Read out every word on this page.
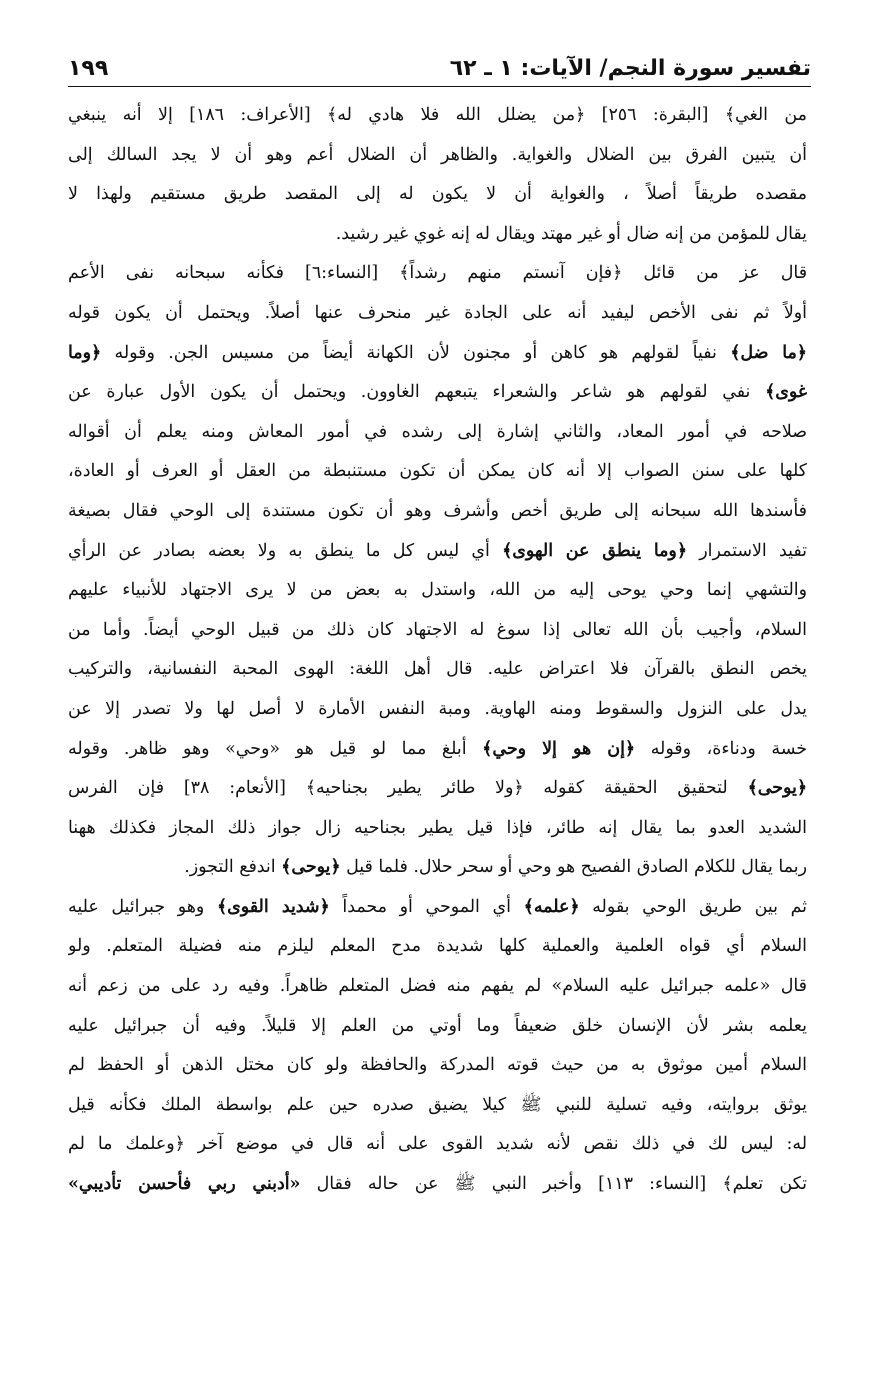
تفسير سورة النجم/ الآيات: ١ ـ ٦٢
١٩٩
من الغي﴾ [البقرة: ٢٥٦] ﴿من يضلل الله فلا هادي له﴾ [الأعراف: ١٨٦] إلا أنه ينبغي
أن يتبين الفرق بين الضلال والغواية. والظاهر أن الضلال أعم وهو أن لا يجد السالك إلى
مقصده طريقاً أصلاً ، والغواية أن لا يكون له إلى المقصد طريق مستقيم ولهذا لا
يقال للمؤمن من إنه ضال أو غير مهتد ويقال له إنه غوي غير رشيد.
قال عز من قائل ﴿فإن آنستم منهم رشداً﴾ [النساء:٦] فكأنه سبحانه نفى الأعم
أولاً ثم نفى الأخص ليفيد أنه على الجادة غير منحرف عنها أصلاً. ويحتمل أن يكون قوله
﴿ما ضل﴾ نفياً لقولهم هو كاهن أو مجنون لأن الكهانة أيضاً من مسيس الجن. وقوله ﴿وما
غوى﴾ نفي لقولهم هو شاعر والشعراء يتبعهم الغاوون. ويحتمل أن يكون الأول عبارة عن
صلاحه في أمور المعاد، والثاني إشارة إلى رشده في أمور المعاش ومنه يعلم أن أقواله
كلها على سنن الصواب إلا أنه كان يمكن أن تكون مستنبطة من العقل أو العرف أو العادة،
فأسندها الله سبحانه إلى طريق أخص وأشرف وهو أن تكون مستندة إلى الوحي فقال بصيغة
تفيد الاستمرار ﴿وما ينطق عن الهوى﴾ أي ليس كل ما ينطق به ولا بعضه بصادر عن الرأي
والتشهي إنما وحي يوحى إليه من الله، واستدل به بعض من لا يرى الاجتهاد للأنبياء عليهم
السلام، وأجيب بأن الله تعالى إذا سوغ له الاجتهاد كان ذلك من قبيل الوحي أيضاً. وأما من
يخص النطق بالقرآن فلا اعتراض عليه. قال أهل اللغة: الهوى المحبة النفسانية، والتركيب
يدل على النزول والسقوط ومنه الهاوية. ومبة النفس الأمارة لا أصل لها ولا تصدر إلا عن
خسة ودناءة، وقوله ﴿إن هو إلا وحي﴾ أبلغ مما لو قيل هو «وحي» وهو ظاهر. وقوله
﴿يوحى﴾ لتحقيق الحقيقة كقوله ﴿ولا طائر يطير بجناحيه﴾ [الأنعام: ٣٨] فإن الفرس
الشديد العدو بما يقال إنه طائر، فإذا قيل يطير بجناحيه زال جواز ذلك المجاز فكذلك ههنا
ربما يقال للكلام الصادق الفصيح هو وحي أو سحر حلال. فلما قيل ﴿يوحى﴾ اندفع التجوز.
ثم بين طريق الوحي بقوله ﴿علمه﴾ أي الموحي أو محمداً ﴿شديد القوى﴾ وهو جبرائيل عليه
السلام أي قواه العلمية والعملية كلها شديدة مدح المعلم ليلزم منه فضيلة المتعلم. ولو
قال «علمه جبرائيل عليه السلام» لم يفهم منه فضل المتعلم ظاهراً. وفيه رد على من زعم أنه
يعلمه بشر لأن الإنسان خلق ضعيفاً وما أوتي من العلم إلا قليلاً. وفيه أن جبرائيل عليه
السلام أمين موثوق به من حيث قوته المدركة والحافظة ولو كان مختل الذهن أو الحفظ لم
يوثق بروايته، وفيه تسلية للنبي ﷺ كيلا يضيق صدره حين علم بواسطة الملك فكأنه قيل
له: ليس لك في ذلك نقص لأنه شديد القوى على أنه قال في موضع آخر ﴿وعلمك ما لم
تكن تعلم﴾ [النساء: ١١٣] وأخبر النبي ﷺ عن حاله فقال «أدبني ربي فأحسن تأديبي»
